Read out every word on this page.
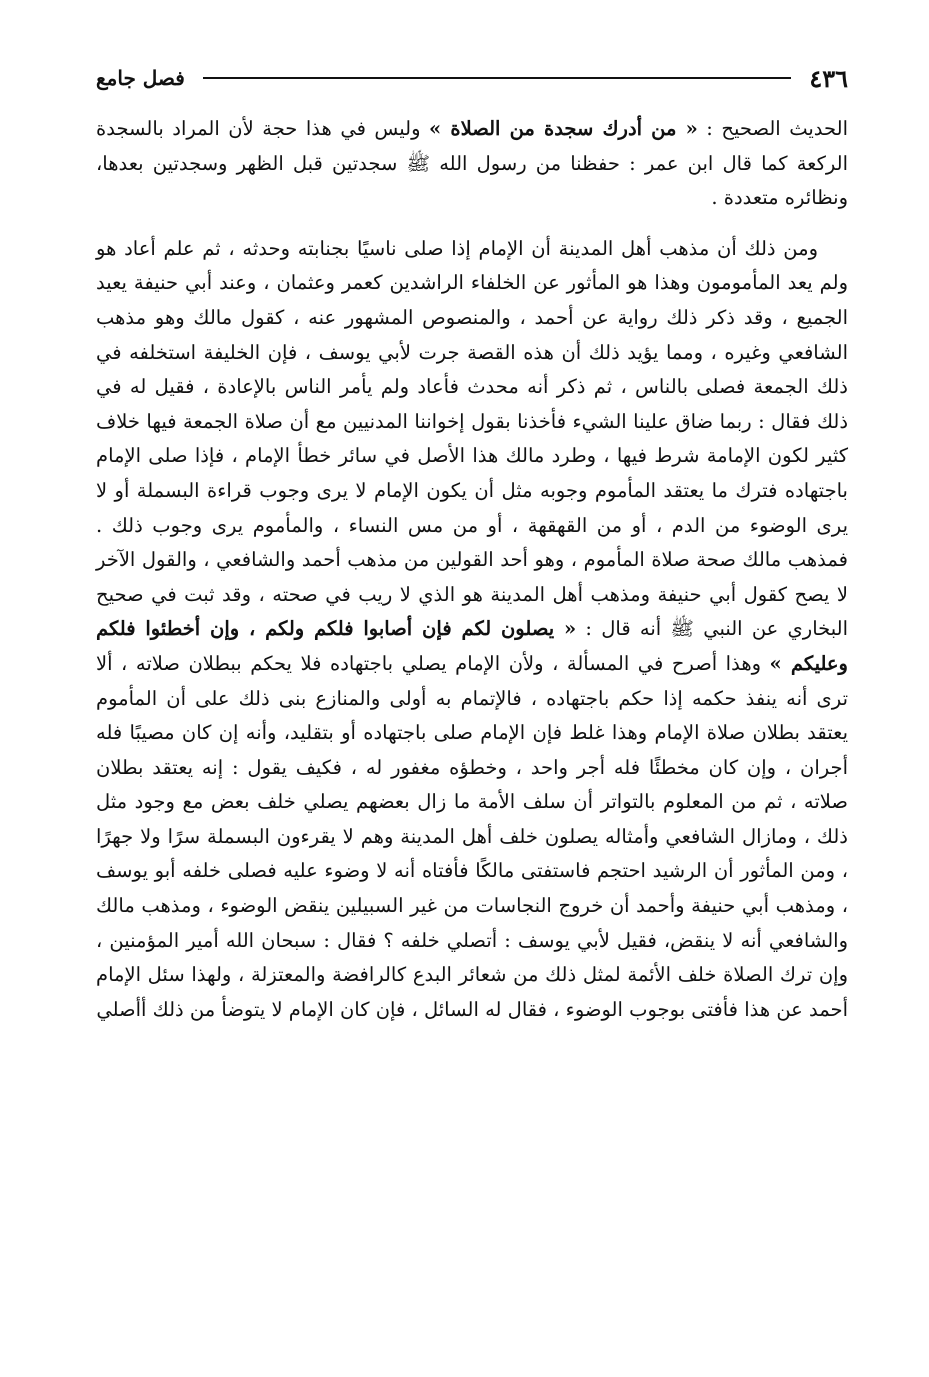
٤٣٦
فصل جامع

الحديث الصحيح : « من أدرك سجدة من الصلاة » وليس في هذا حجة لأن المراد بالسجدة الركعة كما قال ابن عمر : حفظنا من رسول الله ﷺ سجدتين قبل الظهر وسجدتين بعدها، ونظائره متعددة .

ومن ذلك أن مذهب أهل المدينة أن الإمام إذا صلى ناسيًا بجنابته وحدثه ، ثم علم أعاد هو ولم يعد المأمومون وهذا هو المأثور عن الخلفاء الراشدين كعمر وعثمان ، وعند أبي حنيفة يعيد الجميع ، وقد ذكر ذلك رواية عن أحمد ، والمنصوص المشهور عنه ، كقول مالك وهو مذهب الشافعي وغيره ، ومما يؤيد ذلك أن هذه القصة جرت لأبي يوسف ، فإن الخليفة استخلفه في ذلك الجمعة فصلى بالناس ، ثم ذكر أنه محدث فأعاد ولم يأمر الناس بالإعادة ، فقيل له في ذلك فقال : ربما ضاق علينا الشيء فأخذنا بقول إخواننا المدنيين مع أن صلاة الجمعة فيها خلاف كثير لكون الإمامة شرط فيها ، وطرد مالك هذا الأصل في سائر خطأ الإمام ، فإذا صلى الإمام باجتهاده فترك ما يعتقد المأموم وجوبه مثل أن يكون الإمام لا يرى وجوب قراءة البسملة أو لا يرى الوضوء من الدم ، أو من القهقهة ، أو من مس النساء ، والمأموم يرى وجوب ذلك . فمذهب مالك صحة صلاة المأموم ، وهو أحد القولين من مذهب أحمد والشافعي ، والقول الآخر لا يصح كقول أبي حنيفة ومذهب أهل المدينة هو الذي لا ريب في صحته ، وقد ثبت في صحيح البخاري عن النبي ﷺ أنه قال : « يصلون لكم فإن أصابوا فلكم ولكم ، وإن أخطئوا فلكم وعليكم » وهذا أصرح في المسألة ، ولأن الإمام يصلي باجتهاده فلا يحكم ببطلان صلاته ، ألا ترى أنه ينفذ حكمه إذا حكم باجتهاده ، فالإتمام به أولى والمنازع بنى ذلك على أن المأموم يعتقد بطلان صلاة الإمام وهذا غلط فإن الإمام صلى باجتهاده أو بتقليد، وأنه إن كان مصيبًا فله أجران ، وإن كان مخطئًا فله أجر واحد ، وخطؤه مغفور له ، فكيف يقول : إنه يعتقد بطلان صلاته ، ثم من المعلوم بالتواتر أن سلف الأمة ما زال بعضهم يصلي خلف بعض مع وجود مثل ذلك ، ومازال الشافعي وأمثاله يصلون خلف أهل المدينة وهم لا يقرءون البسملة سرًا ولا جهرًا ، ومن المأثور أن الرشيد احتجم فاستفتى مالكًا فأفتاه أنه لا وضوء عليه فصلى خلفه أبو يوسف ، ومذهب أبي حنيفة وأحمد أن خروج النجاسات من غير السبيلين ينقض الوضوء ، ومذهب مالك والشافعي أنه لا ينقض، فقيل لأبي يوسف : أتصلي خلفه ؟ فقال : سبحان الله أمير المؤمنين ، وإن ترك الصلاة خلف الأئمة لمثل ذلك من شعائر البدع كالرافضة والمعتزلة ، ولهذا سئل الإمام أحمد عن هذا فأفتى بوجوب الوضوء ، فقال له السائل ، فإن كان الإمام لا يتوضأ من ذلك أأصلي
